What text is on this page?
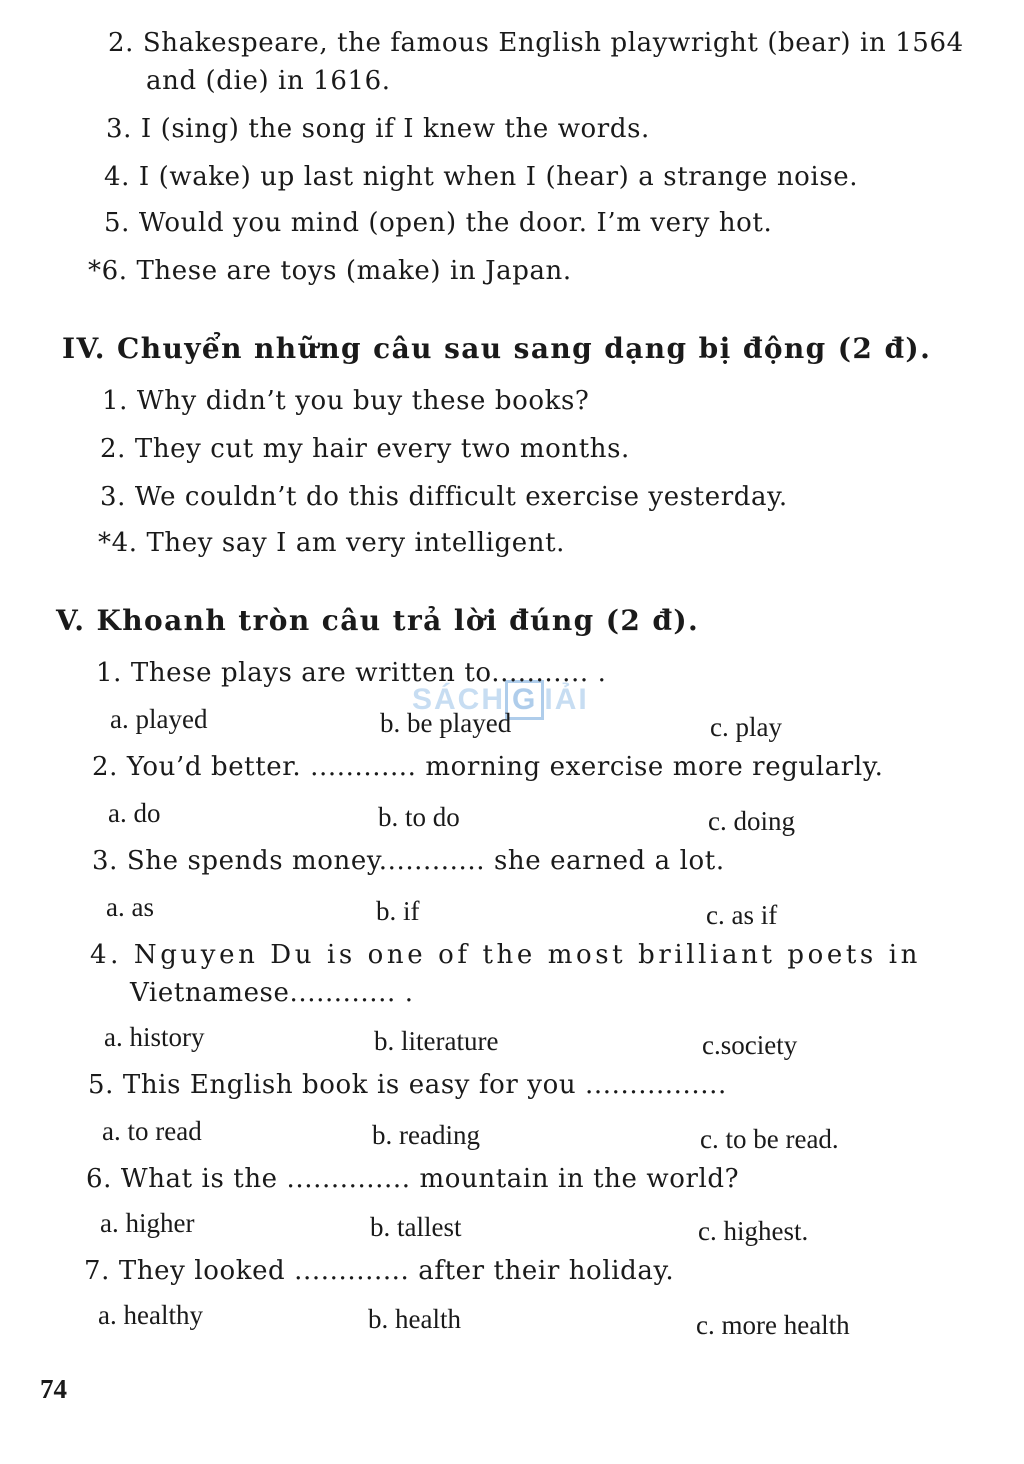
2. Shakespeare, the famous English playwright (bear) in 1564
and (die) in 1616.
3. I (sing) the song if I knew the words.
4. I (wake) up last night when I (hear) a strange noise.
5. Would you mind (open) the door. I’m very hot.
*6. These are toys (make) in Japan.
IV. Chuyển những câu sau sang dạng bị động (2 đ).
1. Why didn’t you buy these books?
2. They cut my hair every two months.
3. We couldn’t do this difficult exercise yesterday.
*4. They say I am very intelligent.
V. Khoanh tròn câu trả lời đúng (2 đ).
SÁCH G IẢI
1. These plays are written to........... .
a. played	b. be played	c. play
2. You’d better. ............ morning exercise more regularly.
a. do	b. to do	c. doing
3. She spends money............ she earned a lot.
a. as	b. if	c. as if
4. Nguyen Du is one of the most brilliant poets in
Vietnamese............ .
a. history	b. literature	c.society
5. This English book is easy for you ................
a. to read	b. reading	c. to be read.
6. What is the .............. mountain in the world?
a. higher	b. tallest	c. highest.
7. They looked ............. after their holiday.
a. healthy	b. health	c. more health
74
